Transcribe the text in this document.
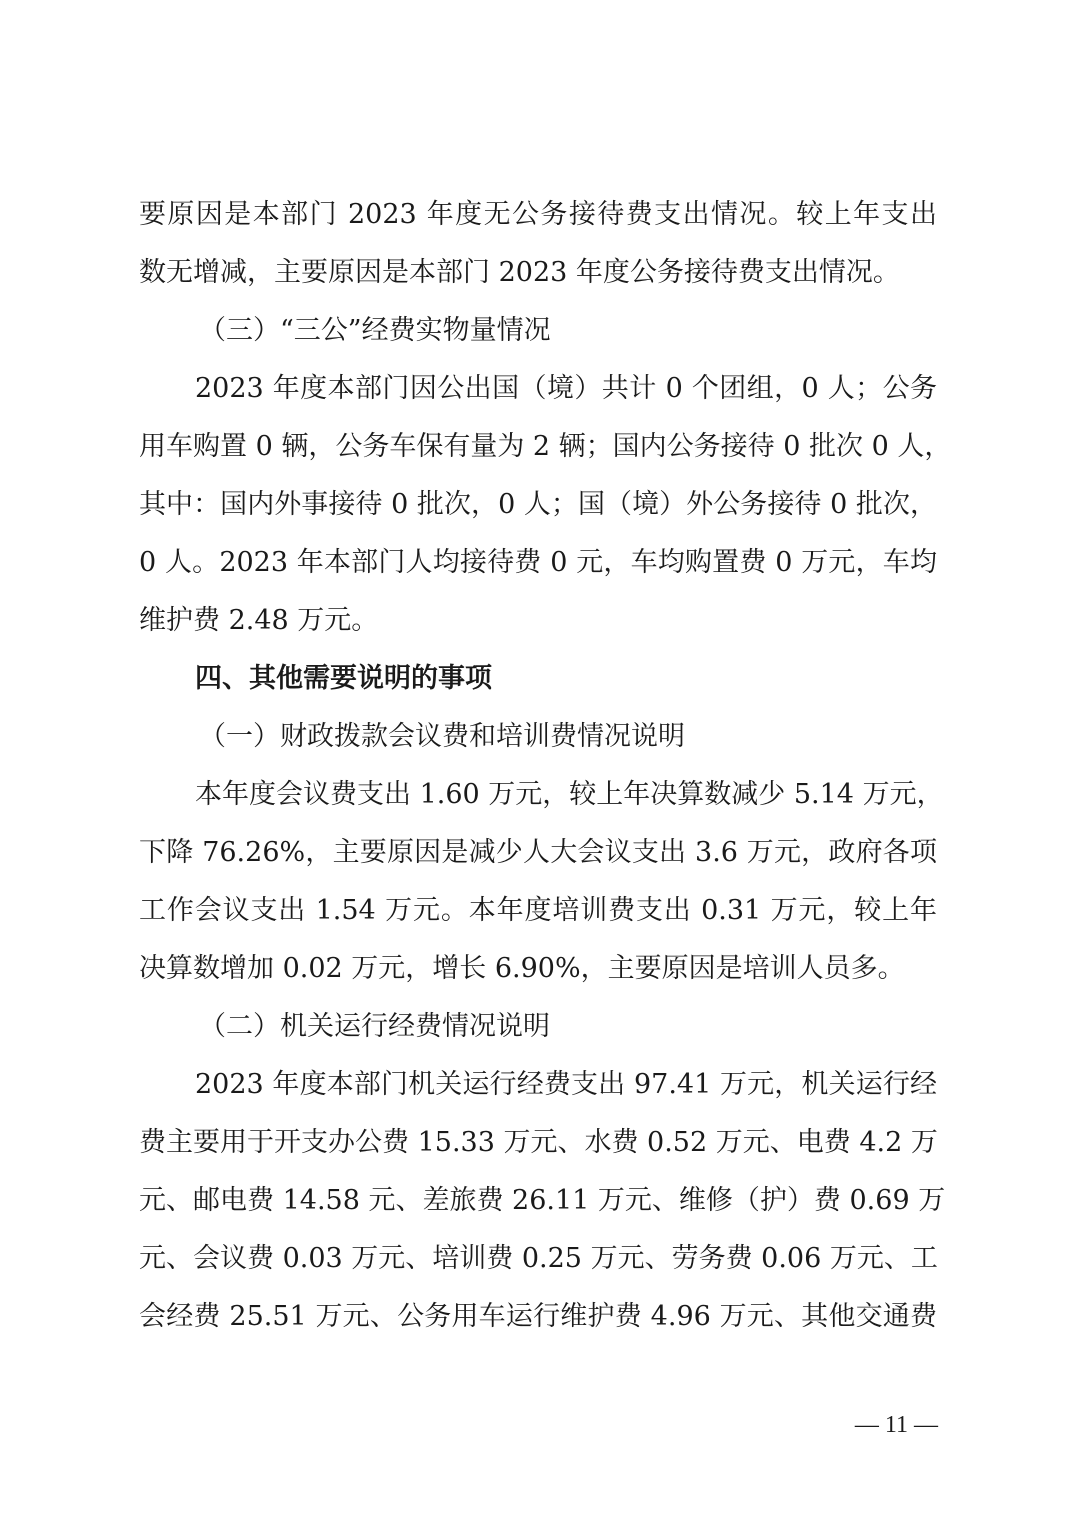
要原因是本部门 2023 年度无公务接待费支出情况。较上年支出
数无增减，主要原因是本部门 2023 年度公务接待费支出情况。
（三）“三公”经费实物量情况
2023 年度本部门因公出国（境）共计 0 个团组，0 人；公务
用车购置 0 辆，公务车保有量为 2 辆；国内公务接待 0 批次 0 人，
其中：国内外事接待 0 批次，0 人；国（境）外公务接待 0 批次，
0 人。2023 年本部门人均接待费 0 元，车均购置费 0 万元，车均
维护费 2.48 万元。
四、其他需要说明的事项
（一）财政拨款会议费和培训费情况说明
本年度会议费支出 1.60 万元，较上年决算数减少 5.14 万元，
下降 76.26%，主要原因是减少人大会议支出 3.6 万元，政府各项
工作会议支出 1.54 万元。本年度培训费支出 0.31 万元，较上年
决算数增加 0.02 万元，增长 6.90%，主要原因是培训人员多。
（二）机关运行经费情况说明
2023 年度本部门机关运行经费支出 97.41 万元，机关运行经
费主要用于开支办公费 15.33 万元、水费 0.52 万元、电费 4.2 万
元、邮电费 14.58 元、差旅费 26.11 万元、维修（护）费 0.69 万
元、会议费 0.03 万元、培训费 0.25 万元、劳务费 0.06 万元、工
会经费 25.51 万元、公务用车运行维护费 4.96 万元、其他交通费
— 11 —
